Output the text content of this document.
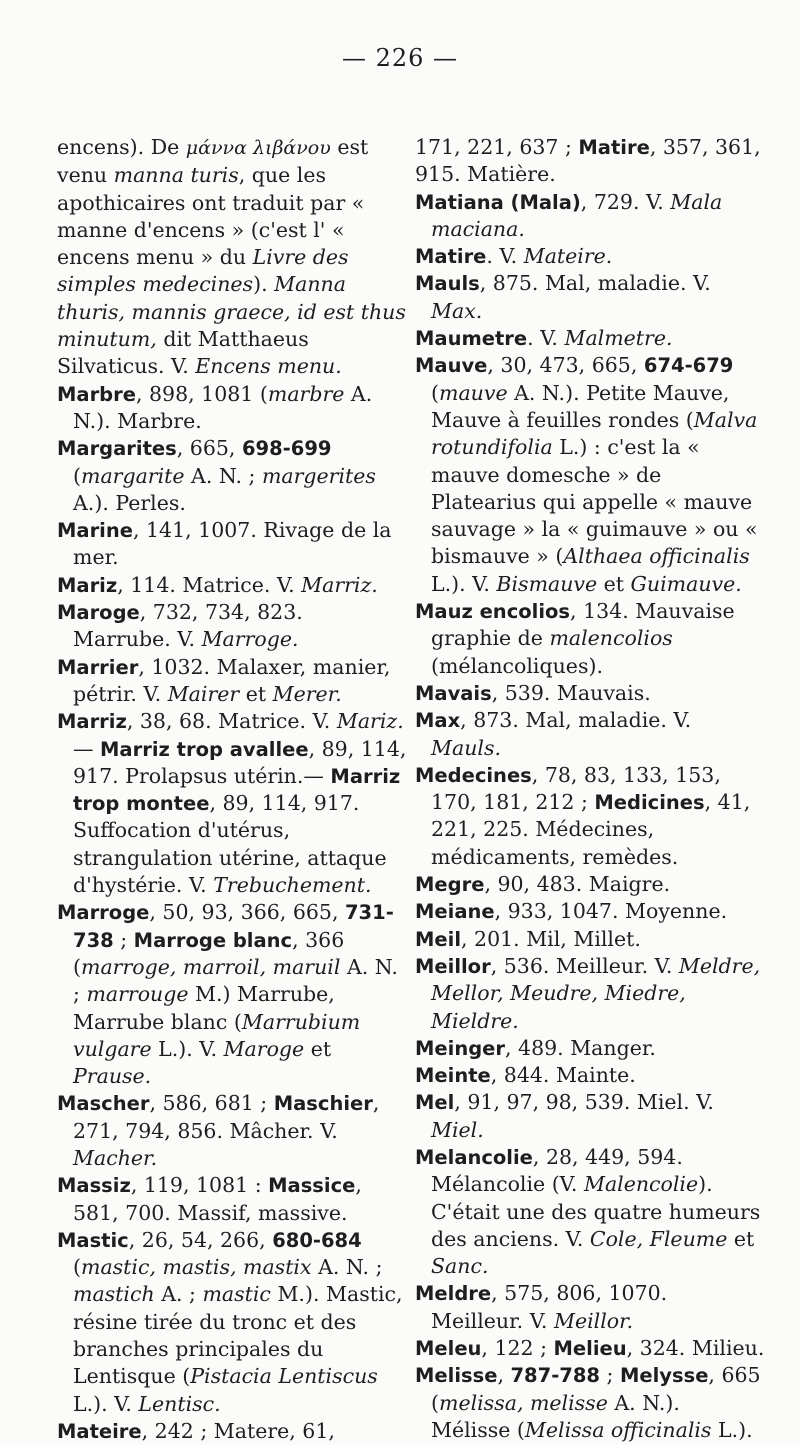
— 226 —

encens). De μάννα λιβάνου est venu manna turis, que les apothicaires ont traduit par « manne d'encens » (c'est l' « encens menu » du Livre des simples medecines). Manna thuris, mannis graece, id est thus minutum, dit Matthaeus Silvaticus. V. Encens menu.

Marbre, 898, 1081 (marbre A. N.). Marbre.

Margarites, 665, 698-699 (margarite A. N. ; margerites A.). Perles.

Marine, 141, 1007. Rivage de la mer.

Mariz, 114. Matrice. V. Marriz.

Maroge, 732, 734, 823. Marrube. V. Marroge.

Marrier, 1032. Malaxer, manier, pétrir. V. Mairer et Merer.

Marriz, 38, 68. Matrice. V. Mariz.— Marriz trop avallee, 89, 114, 917. Prolapsus utérin.— Marriz trop montee, 89, 114, 917. Suffocation d'utérus, strangulation utérine, attaque d'hystérie. V. Trebuchement.

Marroge, 50, 93, 366, 665, 731-738 ; Marroge blanc, 366 (marroge, marroil, maruil A. N. ; marrouge M.) Marrube, Marrube blanc (Marrubium vulgare L.). V. Maroge et Prause.

Mascher, 586, 681 ; Maschier, 271, 794, 856. Mâcher. V. Macher.

Massiz, 119, 1081 : Massice, 581, 700. Massif, massive.

Mastic, 26, 54, 266, 680-684 (mastic, mastis, mastix A. N. ; mastich A. ; mastic M.). Mastic, résine tirée du tronc et des branches principales du Lentisque (Pistacia Lentiscus L.). V. Lentisc.

Mateire, 242 ; Matere, 61,

171, 221, 637 ; Matire, 357, 361, 915. Matière.

Matiana (Mala), 729. V. Mala maciana.

Matire. V. Mateire.

Mauls, 875. Mal, maladie. V. Max.

Maumetre. V. Malmetre.

Mauve, 30, 473, 665, 674-679 (mauve A. N.). Petite Mauve, Mauve à feuilles rondes (Malva rotundifolia L.) : c'est la « mauve domesche » de Platearius qui appelle « mauve sauvage » la « guimauve » ou « bismauve » (Althaea officinalis L.). V. Bismauve et Guimauve.

Mauz encolios, 134. Mauvaise graphie de malencolios (mélancoliques).

Mavais, 539. Mauvais.

Max, 873. Mal, maladie. V. Mauls.

Medecines, 78, 83, 133, 153, 170, 181, 212 ; Medicines, 41, 221, 225. Médecines, médicaments, remèdes.

Megre, 90, 483. Maigre.

Meiane, 933, 1047. Moyenne.

Meil, 201. Mil, Millet.

Meillor, 536. Meilleur. V. Meldre, Mellor, Meudre, Miedre, Mieldre.

Meinger, 489. Manger.

Meinte, 844. Mainte.

Mel, 91, 97, 98, 539. Miel. V. Miel.

Melancolie, 28, 449, 594. Mélancolie (V. Malencolie). C'était une des quatre humeurs des anciens. V. Cole, Fleume et Sanc.

Meldre, 575, 806, 1070. Meilleur. V. Meillor.

Meleu, 122 ; Melieu, 324. Milieu.

Melisse, 787-788 ; Melysse, 665 (melissa, melisse A. N.). Mélisse (Melissa officinalis L.).
